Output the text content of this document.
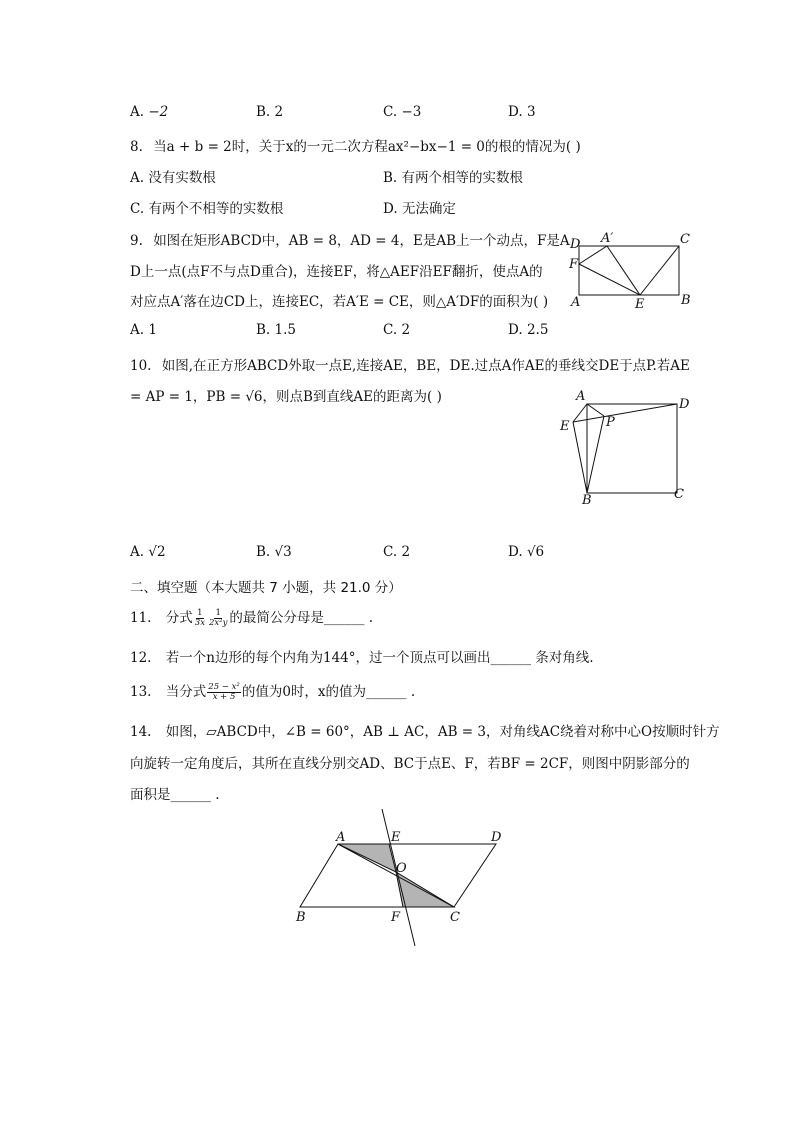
A. −2	B. 2	C. −3	D. 3
8. 当a + b = 2时，关于x的一元二次方程ax²−bx−1 = 0的根的情况为( )
A. 没有实数根	B. 有两个相等的实数根
C. 有两个不相等的实数根	D. 无法确定
9. 如图在矩形ABCD中，AB = 8，AD = 4，E是AB上一个动点，F是A
D上一点(点F不与点D重合)，连接EF，将△AEF沿EF翻折，使点A的
对应点A′落在边CD上，连接EC，若A′E = CE，则△A′DF的面积为( )
A. 1	B. 1.5	C. 2	D. 2.5
D A′	C
F
A	E	B
10. 如图,在正方形ABCD外取一点E,连接AE，BE，DE.过点A作AE的垂线交DE于点P.若AE
= AP = 1，PB = √6，则点B到直线AE的距离为( )	A
D
E	P
B	C
A. √2	B. √3	C. 2	D. √6
二、填空题（本大题共 7 小题，共 21.0 分）
11. 分式 $\frac{1}{3x} \frac{1}{\text{2x²y}}$ 的最简公分母是______ .
12. 若一个n边形的每个内角为144°，过一个顶点可以画出______ 条对角线.
13. 当分式 $\frac{\text{25 − x²}}{x + 5}$ 的值为0时，x的值为______ .
14. 如图，▱ABCD中，∠B = 60°，AB ⊥ AC，AB = 3，对角线AC绕着对称中心O按顺时针方
向旋转一定角度后，其所在直线分别交AD、BC于点E、F，若BF = 2CF，则图中阴影部分的
面积是______ .
A	E	D
O
B	F	C
